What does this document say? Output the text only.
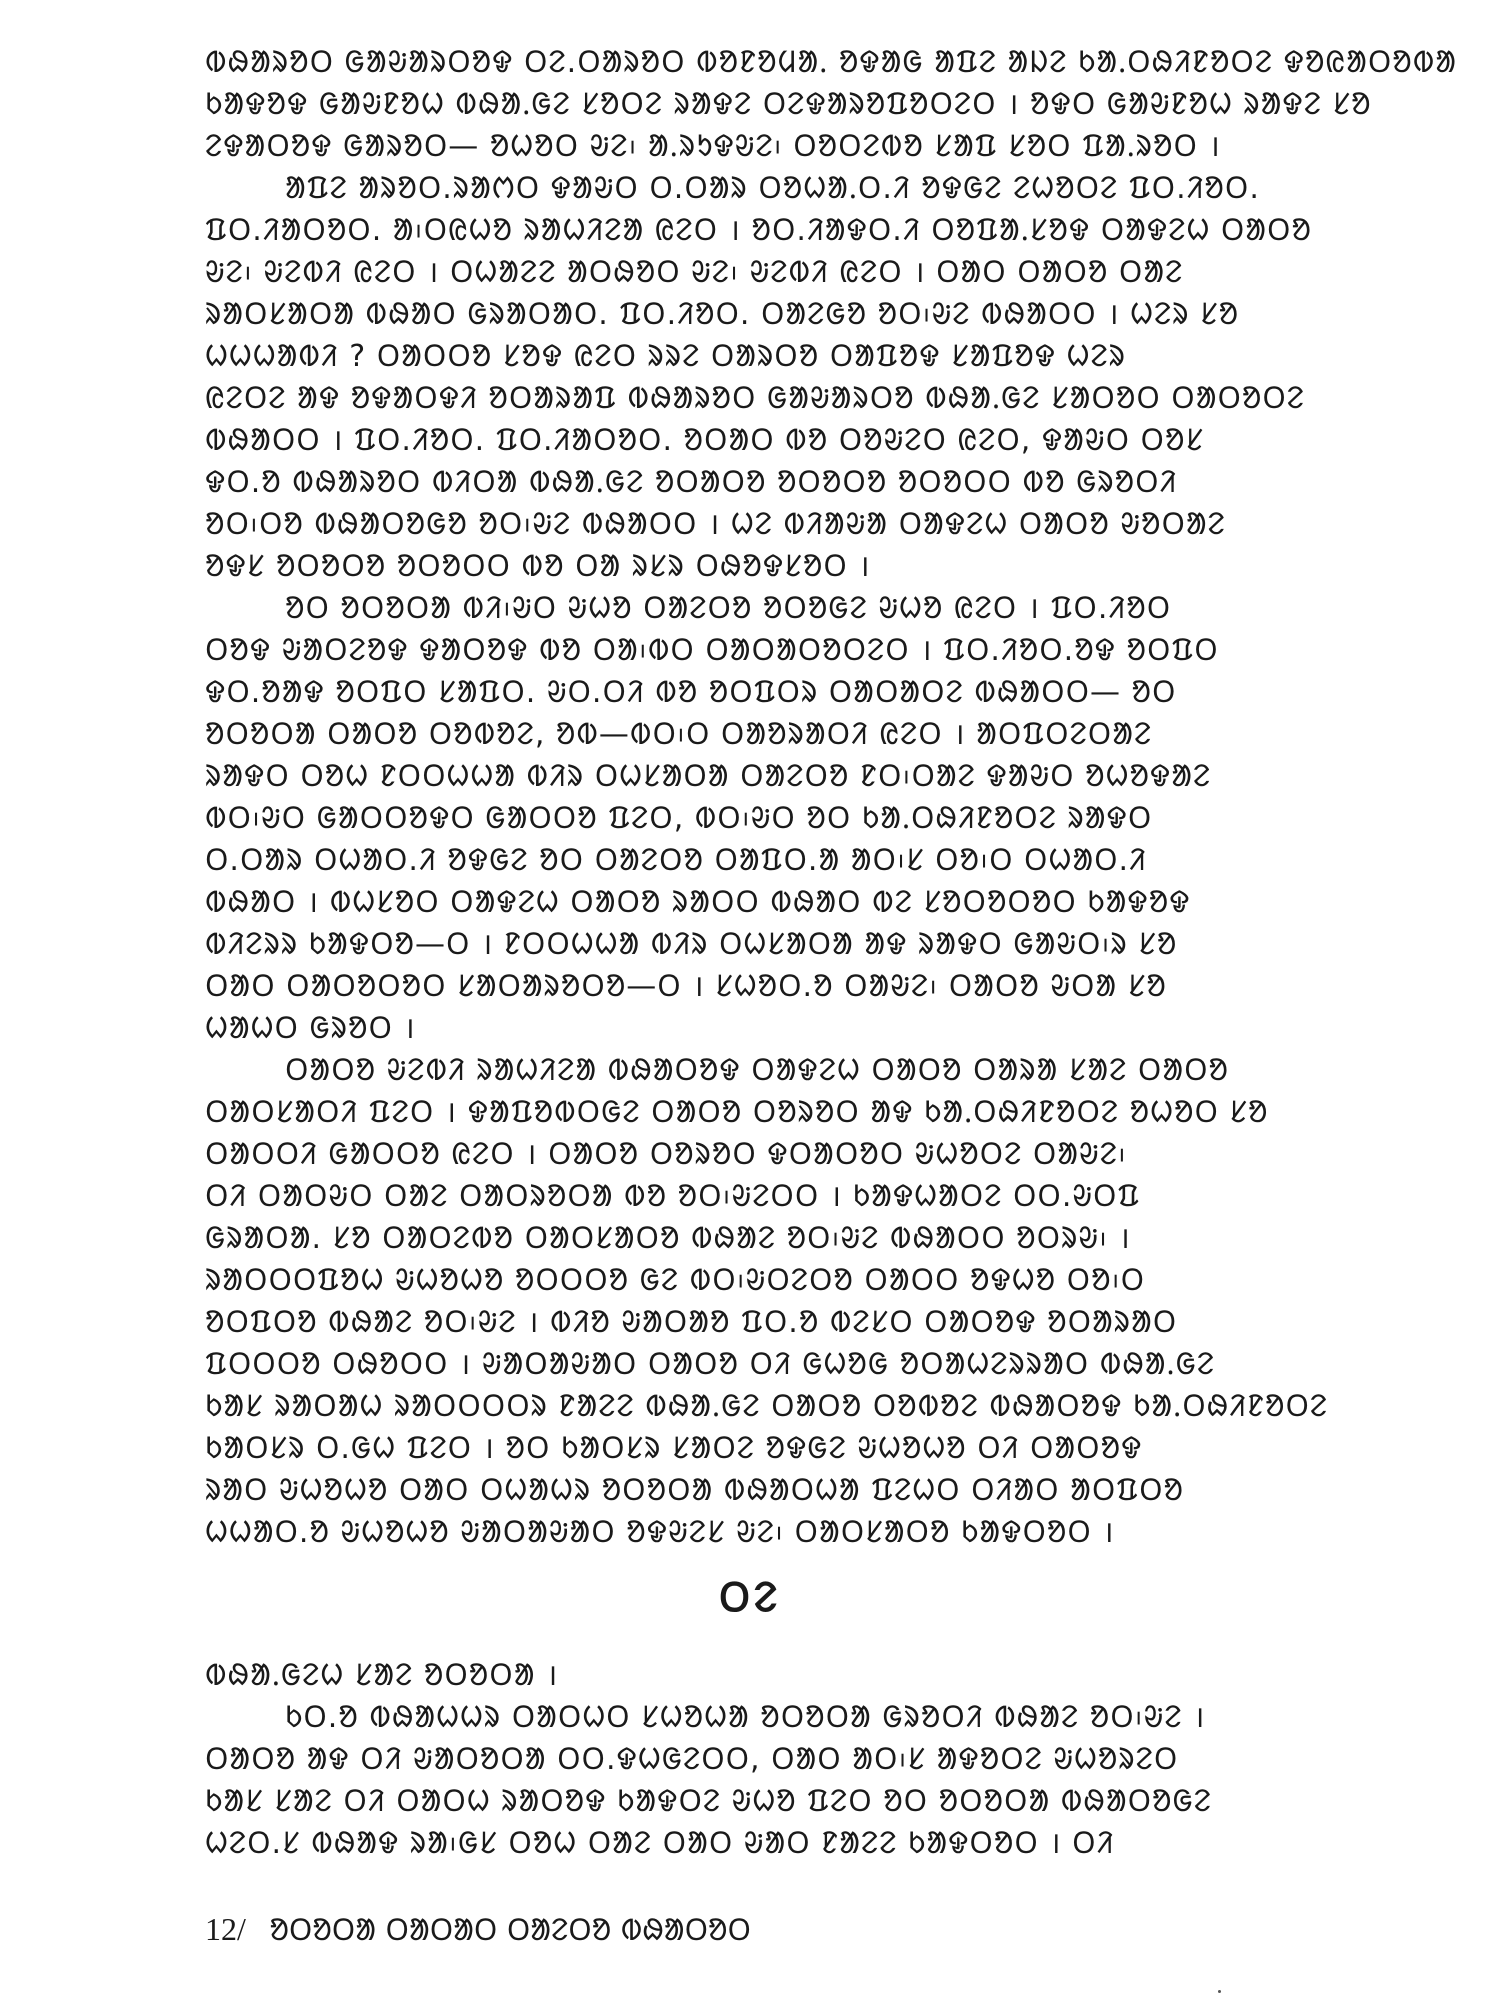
ᱵᱷᱟᱨᱚᱛ ᱜᱟᱶᱟᱨᱛᱚᱫ ᱛᱮ.ᱛᱟᱨᱚᱛ ᱵᱚᱱᱚᱢᱟᱹ ᱚᱫᱟᱜ ᱟᱯᱮ ᱟᱡᱮ ᱠᱟᱹᱛᱷᱤᱱᱚᱛᱮ ᱫᱚᱭᱟᱛᱚᱵᱟ
ᱠᱟᱫᱚᱫ ᱜᱟᱶᱱᱚᱦ ᱵᱷᱟᱹᱜᱮ ᱥᱚᱛᱮ ᱨᱟᱫᱮ ᱛᱮᱫᱟᱨᱚᱯᱚᱛᱮᱛ । ᱚᱫᱛ ᱜᱟᱶᱱᱚᱦ ᱨᱟᱫᱮ ᱥᱚ
ᱮᱫᱟᱛᱚᱫ ᱜᱟᱨᱚᱛ— ᱚᱦᱚᱛ ᱶᱮ᱾ ᱟᱹᱨᱩᱫᱶᱮ᱾ ᱛᱚᱛᱮᱵᱚ ᱥᱟᱯ ᱥᱚᱛ ᱯᱟᱹᱨᱚᱛ ।
ᱟᱯᱮ ᱟᱨᱚᱛ.ᱨᱟᱬᱛ ᱫᱟᱶᱛ ᱛ.ᱛᱟᱨ ᱛᱚᱦᱟᱹᱛ.ᱤ ᱚᱫᱜᱮ ᱮᱦᱚᱛᱮ ᱯᱛ.ᱤᱚᱛ.
ᱯᱛ.ᱤᱟᱛᱚᱛ. ᱟ᱾ᱛᱭᱦᱚ ᱨᱟᱦᱤᱮᱟ ᱭᱮᱛ । ᱚᱛ.ᱤᱟᱫᱛ.ᱤ ᱛᱚᱯᱟᱹᱥᱚᱫ ᱛᱟᱫᱮᱦ ᱛᱟᱛᱚ
ᱶᱮ᱾ ᱶᱮᱵᱤ ᱭᱮᱛ । ᱛᱦᱟᱮᱮ ᱟᱛᱷᱚᱛ ᱶᱮ᱾ ᱶᱮᱵᱤ ᱭᱮᱛ । ᱛᱟᱛ ᱛᱟᱛᱚ ᱛᱟᱮ
ᱨᱟᱛᱥᱟᱛᱟ ᱵᱷᱟᱛ ᱜᱨᱟᱛᱟᱛ. ᱯᱛ.ᱤᱚᱛ. ᱛᱟᱮᱜᱚ ᱚᱛ᱾ᱶᱮ ᱵᱷᱟᱛᱛ । ᱦᱮᱨ ᱥᱚ
ᱦᱦᱦᱟᱵᱤ ? ᱛᱟᱛᱛᱚ ᱥᱚᱫ ᱭᱮᱛ ᱨᱨᱮ ᱛᱟᱨᱛᱚ ᱛᱟᱯᱚᱫ ᱥᱟᱯᱚᱫ ᱦᱮᱨ
ᱭᱮᱛᱮ ᱟᱫ ᱚᱫᱟᱛᱫᱤ ᱚᱛᱟᱨᱟᱯ ᱵᱷᱟᱨᱚᱛ ᱜᱟᱶᱟᱨᱛᱚ ᱵᱷᱟᱹᱜᱮ ᱥᱟᱛᱚᱛ ᱛᱟᱛᱚᱛᱮ
ᱵᱷᱟᱛᱛ । ᱯᱛ.ᱤᱚᱛ. ᱯᱛ.ᱤᱟᱛᱚᱛ. ᱚᱛᱟᱛ ᱵᱚ ᱛᱚᱶᱮᱛ ᱭᱮᱛ, ᱫᱟᱶᱛ ᱛᱚᱥ
ᱫᱛ.ᱚ ᱵᱷᱟᱨᱚᱛ ᱵᱤᱛᱟ ᱵᱷᱟᱹᱜᱮ ᱚᱛᱟᱛᱚ ᱚᱛᱚᱛᱚ ᱚᱛᱚᱛᱛ ᱵᱚ ᱜᱨᱚᱛᱤ
ᱚᱛ᱾ᱛᱚ ᱵᱷᱟᱛᱚᱜᱚ ᱚᱛ᱾ᱶᱮ ᱵᱷᱟᱛᱛ । ᱦᱮ ᱵᱤᱟᱶᱟ ᱛᱟᱫᱮᱦ ᱛᱟᱛᱚ ᱶᱚᱛᱟᱮ
ᱚᱫᱥ ᱚᱛᱚᱛᱚ ᱚᱛᱚᱛᱛ ᱵᱚ ᱛᱟ ᱨᱥᱨ ᱛᱷᱚᱫᱥᱚᱛ ।
ᱚᱛ ᱚᱛᱚᱛᱟ ᱵᱤ᱾ᱶᱛ ᱶᱦᱚ ᱛᱟᱮᱛᱚ ᱚᱛᱚᱜᱮ ᱶᱦᱚ ᱭᱮᱛ । ᱯᱛ.ᱤᱚᱛ
ᱛᱚᱫ ᱶᱟᱛᱮᱚᱫ ᱫᱟᱛᱚᱫ ᱵᱚ ᱛᱟ᱾ᱵᱛ ᱛᱟᱛᱟᱛᱚᱛᱮᱛ । ᱯᱛ.ᱤᱚᱛ.ᱚᱫ ᱚᱛᱯᱛ
ᱫᱛ.ᱚᱟᱫ ᱚᱛᱯᱛ ᱥᱟᱯᱛ. ᱶᱛ.ᱛᱤ ᱵᱚ ᱚᱛᱯᱛᱨ ᱛᱟᱛᱟᱛᱮ ᱵᱷᱟᱛᱛ— ᱚᱛ
ᱚᱛᱚᱛᱟ ᱛᱟᱛᱚ ᱛᱚᱵᱚᱮ, ᱚᱵ—ᱵᱛ᱾ᱛ ᱛᱟᱚᱨᱟᱛᱤ ᱭᱮᱛ । ᱟᱛᱯᱛᱮᱛᱟᱮ
ᱨᱟᱫᱛ ᱛᱚᱦ ᱱᱛᱛᱦᱦᱟ ᱵᱤᱨ ᱛᱦᱥᱟᱛᱟ ᱛᱟᱮᱛᱚ ᱱᱛ᱾ᱛᱟᱮ ᱫᱟᱶᱛ ᱚᱦᱚᱫᱟᱮ
ᱵᱛ᱾ᱶᱛ ᱜᱟᱛᱛᱚᱫᱛ ᱜᱟᱛᱛᱚ ᱯᱮᱛ, ᱵᱛ᱾ᱶᱛ ᱚᱛ ᱠᱟᱹᱛᱷᱤᱱᱚᱛᱮ ᱨᱟᱫᱛ
ᱛ.ᱛᱟᱨ ᱛᱦᱟᱛ.ᱤ ᱚᱫᱜᱮ ᱚᱛ ᱛᱟᱮᱛᱚ ᱛᱟᱯᱛ.ᱟ ᱟᱛ᱾ᱥ ᱛᱚ᱾ᱛ ᱛᱦᱟᱛ.ᱤ
ᱵᱷᱟᱛ । ᱵᱦᱥᱚᱛ ᱛᱟᱫᱮᱦ ᱛᱟᱛᱚ ᱨᱟᱛᱛ ᱵᱷᱟᱛ ᱵᱮ ᱥᱚᱛᱚᱛᱚᱛ ᱠᱟᱫᱚᱫ
ᱵᱤᱮᱨᱨ ᱠᱟᱫᱛᱚ—ᱛ । ᱱᱛᱛᱦᱦᱟ ᱵᱤᱨ ᱛᱦᱥᱟᱛᱟ ᱟᱫ ᱨᱟᱫᱛ ᱜᱟᱶᱛ᱾ᱨ ᱥᱚ
ᱛᱟᱛ ᱛᱟᱛᱚᱛᱚᱛ ᱥᱟᱛᱟᱨᱚᱛᱚ—ᱛ । ᱥᱦᱚᱛ.ᱚ ᱛᱟᱶᱮ᱾ ᱛᱟᱛᱚ ᱶᱛᱟ ᱥᱚ
ᱦᱟᱦᱛ ᱜᱨᱚᱛ ।
ᱛᱟᱛᱚ ᱶᱮᱵᱤ ᱨᱟᱦᱤᱮᱟ ᱵᱷᱟᱛᱚᱫ ᱛᱟᱫᱮᱦ ᱛᱟᱛᱚ ᱛᱟᱨᱟ ᱥᱟᱮ ᱛᱟᱛᱚ
ᱛᱟᱛᱥᱟᱛᱤ ᱯᱮᱛ । ᱫᱟᱯᱚᱵᱛᱜᱮ ᱛᱟᱛᱚ ᱛᱚᱨᱚᱛ ᱟᱫ ᱠᱟᱹᱛᱷᱤᱱᱚᱛᱮ ᱚᱦᱚᱛ ᱥᱚ
ᱛᱟᱛᱛᱤ ᱜᱟᱛᱛᱚ ᱭᱮᱛ । ᱛᱟᱛᱚ ᱛᱚᱨᱚᱛ ᱫᱛᱟᱛᱚᱛ ᱶᱦᱚᱛᱮ ᱛᱟᱶᱮ᱾
ᱛᱤ ᱛᱟᱛᱶᱛ ᱛᱟᱮ ᱛᱟᱛᱨᱚᱛᱟ ᱵᱚ ᱚᱛ᱾ᱶᱮᱛᱛ । ᱠᱟᱫᱦᱟᱛᱮ ᱛᱛ.ᱶᱛᱯ
ᱜᱨᱟᱛᱟ. ᱥᱚ ᱛᱟᱛᱮᱵᱚ ᱛᱟᱛᱥᱟᱛᱚ ᱵᱷᱟᱮ ᱚᱛ᱾ᱶᱮ ᱵᱷᱟᱛᱛ ᱚᱛᱨᱶ᱾ ।
ᱨᱟᱛᱛᱛᱯᱚᱦ ᱶᱦᱚᱦᱚ ᱚᱛᱛᱛᱚ ᱜᱮ ᱵᱛ᱾ᱶᱛᱮᱛᱚ ᱛᱟᱛᱛ ᱚᱫᱦᱚ ᱛᱚ᱾ᱛ
ᱚᱛᱯᱛᱚ ᱵᱷᱟᱮ ᱚᱛ᱾ᱶᱮ । ᱵᱤᱚ ᱶᱟᱛᱟᱚ ᱯᱛ.ᱚ ᱵᱮᱥᱛ ᱛᱟᱛᱚᱫ ᱚᱛᱟᱨᱟᱛ
ᱯᱛᱛᱛᱚ ᱛᱷᱚᱛᱛ । ᱶᱟᱛᱟᱶᱟᱛ ᱛᱟᱛᱚ ᱛᱤ ᱜᱦᱚᱜ ᱚᱛᱟᱦᱮᱨᱨᱟᱛ ᱵᱷᱟᱹᱜᱮ
ᱠᱟᱥ ᱨᱟᱛᱟᱦ ᱨᱟᱛᱛᱛᱛᱨ ᱱᱟᱮᱮ ᱵᱷᱟᱹᱜᱮ ᱛᱟᱛᱚ ᱛᱚᱵᱚᱮ ᱵᱷᱟᱛᱚᱫ ᱠᱟᱹᱛᱷᱤᱱᱚᱛᱮ
ᱠᱟᱛᱥᱨ ᱛ.ᱜᱦ ᱯᱮᱛ । ᱚᱛ ᱠᱟᱛᱥᱨ ᱥᱟᱛᱮ ᱚᱫᱜᱮ ᱶᱦᱚᱦᱚ ᱛᱤ ᱛᱟᱛᱚᱫ
ᱨᱟᱛ ᱶᱦᱚᱦᱚ ᱛᱟᱛ ᱛᱦᱟᱦᱨ ᱚᱛᱚᱛᱟ ᱵᱷᱟᱛᱦᱟ ᱯᱮᱦᱛ ᱛᱤᱟᱛ ᱟᱛᱯᱛᱚ
ᱦᱦᱟᱛ.ᱚ ᱶᱦᱚᱦᱚ ᱶᱟᱛᱟᱶᱟᱛ ᱚᱫᱶᱮᱥ ᱶᱮ᱾ ᱛᱟᱛᱥᱟᱛᱚ ᱠᱟᱫᱛᱚᱛ ।
ᱛᱮ
ᱵᱷᱟᱹᱜᱮᱦ ᱥᱟᱮ ᱚᱛᱚᱛᱟ ।
ᱠᱛ.ᱚ ᱵᱷᱟᱦᱦᱨ ᱛᱟᱛᱦᱛ ᱥᱦᱚᱦᱟ ᱚᱛᱚᱛᱟ ᱜᱨᱚᱛᱤ ᱵᱷᱟᱮ ᱚᱛ᱾ᱶᱮ ।
ᱛᱟᱛᱚ ᱟᱫ ᱛᱤ ᱶᱟᱛᱚᱛᱟ ᱛᱛ.ᱫᱦᱜᱮᱛᱛ, ᱛᱟᱛ ᱟᱛ᱾ᱥ ᱟᱫᱚᱛᱮ ᱶᱦᱚᱨᱮᱛ
ᱠᱟᱥ ᱥᱟᱮ ᱛᱤ ᱛᱟᱛᱦ ᱨᱟᱛᱚᱫ ᱠᱟᱫᱛᱮ ᱶᱦᱚ ᱯᱮᱛ ᱚᱛ ᱚᱛᱚᱛᱟ ᱵᱷᱟᱛᱚᱜᱮ
ᱦᱮᱛ.ᱥ ᱵᱷᱟᱫ ᱨᱟ᱾ᱜᱥ ᱛᱚᱦ ᱛᱟᱮ ᱛᱟᱛ ᱶᱟᱛ ᱱᱟᱮᱮ ᱠᱟᱫᱛᱚᱛ । ᱛᱤ
12/ ᱚᱛᱚᱛᱟ ᱛᱟᱛᱟᱛ ᱛᱟᱮᱛᱚ ᱵᱷᱟᱛᱚᱛ
